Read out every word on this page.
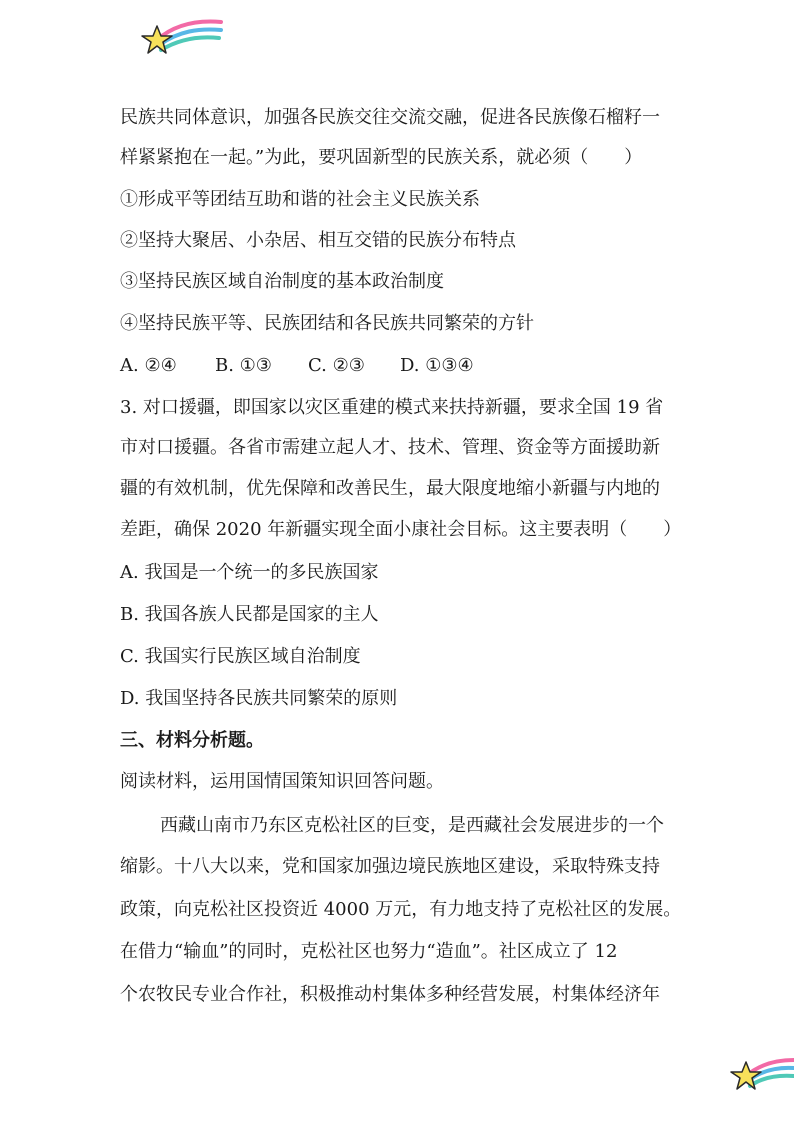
民族共同体意识，加强各民族交往交流交融，促进各民族像石榴籽一
样紧紧抱在一起。”为此，要巩固新型的民族关系，就必须（　　）
①形成平等团结互助和谐的社会主义民族关系
②坚持大聚居、小杂居、相互交错的民族分布特点
③坚持民族区域自治制度的基本政治制度
④坚持民族平等、民族团结和各民族共同繁荣的方针
A. ②④ B. ①③ C. ②③ D. ①③④
3. 对口援疆，即国家以灾区重建的模式来扶持新疆，要求全国 19 省
市对口援疆。各省市需建立起人才、技术、管理、资金等方面援助新
疆的有效机制，优先保障和改善民生，最大限度地缩小新疆与内地的
差距，确保 2020 年新疆实现全面小康社会目标。这主要表明（　　）
A. 我国是一个统一的多民族国家
B. 我国各族人民都是国家的主人
C. 我国实行民族区域自治制度
D. 我国坚持各民族共同繁荣的原则
三、材料分析题。
阅读材料，运用国情国策知识回答问题。
西藏山南市乃东区克松社区的巨变，是西藏社会发展进步的一个
缩影。十八大以来，党和国家加强边境民族地区建设，采取特殊支持
政策，向克松社区投资近 4000 万元，有力地支持了克松社区的发展。
在借力“输血”的同时，克松社区也努力“造血”。社区成立了 12
个农牧民专业合作社，积极推动村集体多种经营发展，村集体经济年
